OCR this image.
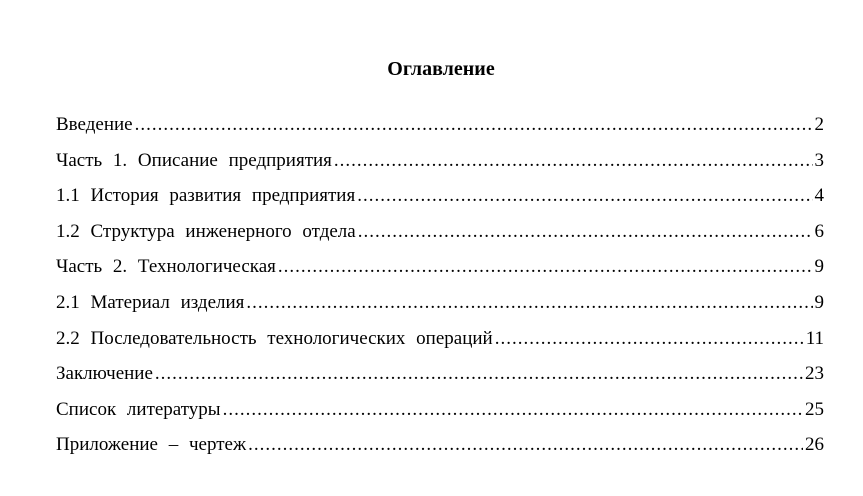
Оглавление
Введение .....	2
Часть 1. Описание предприятия .....	3
1.1 История развития предприятия .....	4
1.2 Структура инженерного отдела .....	6
Часть 2. Технологическая .....	9
2.1 Материал изделия .....	9
2.2 Последовательность технологических операций .....	11
Заключение .....	23
Список литературы .....	25
Приложение – чертеж .....	26
